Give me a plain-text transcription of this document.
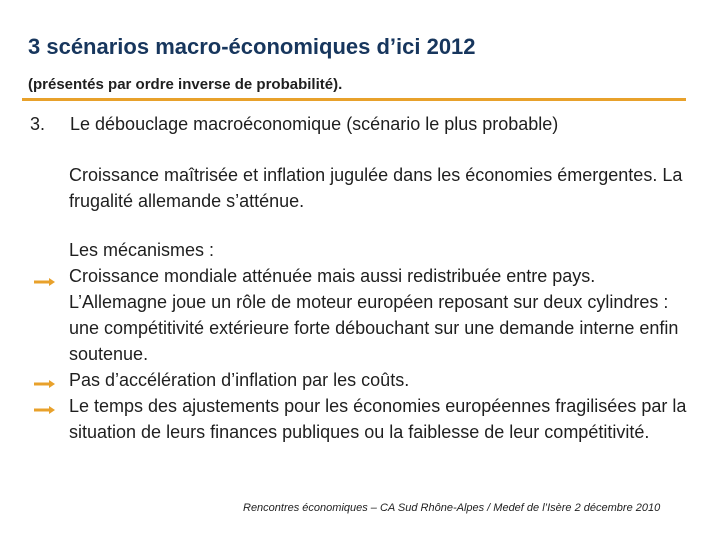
3 scénarios macro-économiques d’ici 2012
(présentés par ordre inverse de probabilité).
3. Le débouclage macroéconomique (scénario le plus probable)
Croissance maîtrisée et inflation jugulée dans les économies émergentes. La frugalité allemande s’atténue.
Les mécanismes :
Croissance mondiale atténuée mais aussi redistribuée entre pays. L’Allemagne joue un rôle de moteur européen reposant sur deux cylindres : une compétitivité extérieure forte débouchant sur une demande interne enfin soutenue.
Pas d’accélération d’inflation par les coûts.
Le temps des ajustements pour les économies européennes fragilisées par la situation de leurs finances publiques ou la faiblesse de leur compétitivité.
Rencontres économiques – CA Sud Rhône-Alpes / Medef de l’Isère 2 décembre 2010
